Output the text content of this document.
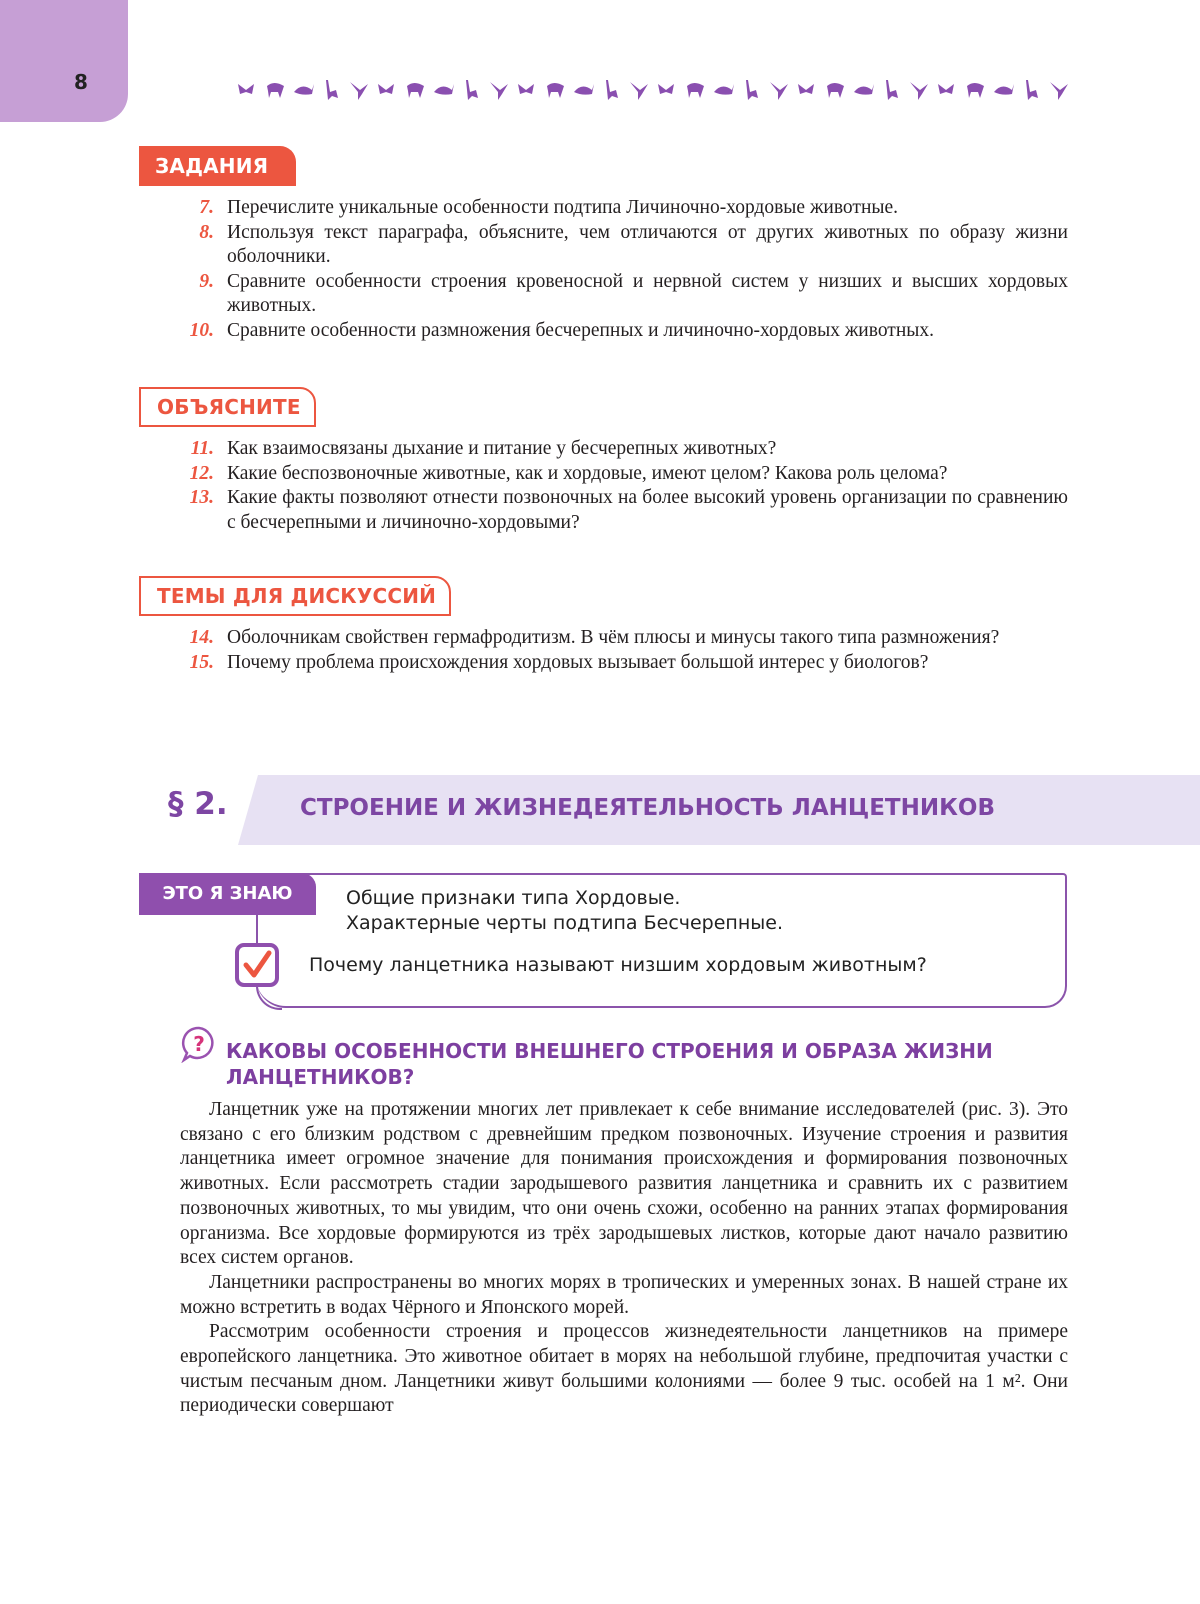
8
ЗАДАНИЯ
7. Перечислите уникальные особенности подтипа Личиночно-хордовые животные.
8. Используя текст параграфа, объясните, чем отличаются от других животных по образу жизни оболочники.
9. Сравните особенности строения кровеносной и нервной систем у низших и высших хордовых животных.
10. Сравните особенности размножения бесчерепных и личиночно-хордовых животных.
ОБЪЯСНИТЕ
11. Как взаимосвязаны дыхание и питание у бесчерепных животных?
12. Какие беспозвоночные животные, как и хордовые, имеют целом? Какова роль целома?
13. Какие факты позволяют отнести позвоночных на более высокий уровень организации по сравнению с бесчерепными и личиночно-хордовыми?
ТЕМЫ ДЛЯ ДИСКУССИЙ
14. Оболочникам свойствен гермафродитизм. В чём плюсы и минусы такого типа размножения?
15. Почему проблема происхождения хордовых вызывает большой интерес у биологов?
§ 2.	СТРОЕНИЕ И ЖИЗНЕДЕЯТЕЛЬНОСТЬ ЛАНЦЕТНИКОВ
ЭТО Я ЗНАЮ	Общие признаки типа Хордовые.
Характерные черты подтипа Бесчерепные.
Почему ланцетника называют низшим хордовым животным?
? КАКОВЫ ОСОБЕННОСТИ ВНЕШНЕГО СТРОЕНИЯ И ОБРАЗА ЖИЗНИ ЛАНЦЕТНИКОВ?

Ланцетник уже на протяжении многих лет привлекает к себе внимание исследователей (рис. 3). Это связано с его близким родством с древнейшим предком позвоночных. Изучение строения и развития ланцетника имеет огромное значение для понимания происхождения и формирования позвоночных животных. Если рассмотреть стадии зародышевого развития ланцетника и сравнить их с развитием позвоночных животных, то мы увидим, что они очень схожи, особенно на ранних этапах формирования организма. Все хордовые формируются из трёх зародышевых листков, которые дают начало развитию всех систем органов.

Ланцетники распространены во многих морях в тропических и умеренных зонах. В нашей стране их можно встретить в водах Чёрного и Японского морей.

Рассмотрим особенности строения и процессов жизнедеятельности ланцетников на примере европейского ланцетника. Это животное обитает в морях на небольшой глубине, предпочитая участки с чистым песчаным дном. Ланцетники живут большими колониями — более 9 тыс. особей на 1 м². Они периодически совершают
